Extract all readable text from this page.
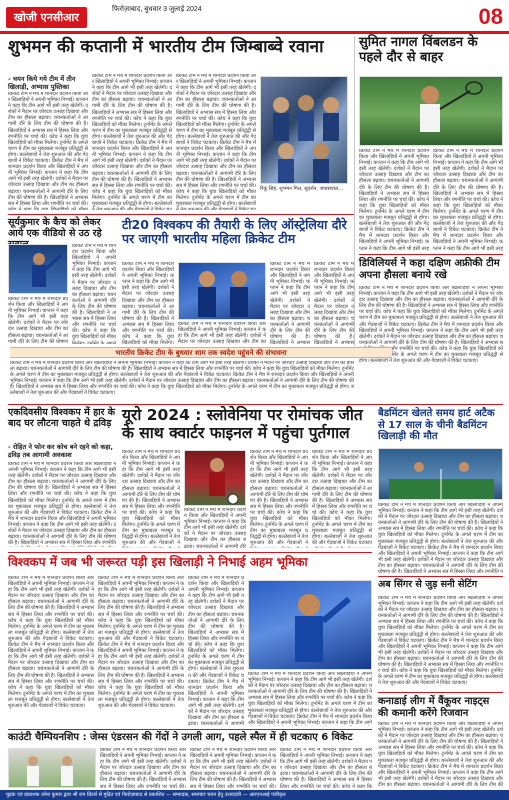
खोजी एनसीआर
फिरोज़ाबाद, बुधवार 3 जुलाई 2024	08
शुभमन की कप्तानी में भारतीय टीम जिम्बाब्वे रवाना
- चयन किये गये टीम में तीन खिलाड़ी, अभ्यास पुस्तिका
क्रिकेट टीम ने मैच में शानदार प्रदर्शन किया और खिलाड़ियों ने अपनी भूमिका निभाई। कप्तान ने कहा कि टीम आगे भी इसी तरह खेलेगी। दर्शकों ने मैदान पर जोरदार उत्साह दिखाया और टीम का हौसला बढ़ाया। चयनकर्ताओं ने आगामी दौरे के लिए टीम की घोषणा की है। खिलाड़ियों ने अभ्यास सत्र में हिस्सा लिया और रणनीति पर चर्चा की। कोच ने कहा कि युवा खिलाड़ियों को मौका मिलेगा। टूर्नामेंट के अगले चरण में टीम का मुकाबला मजबूत प्रतिद्वंद्वी से होगा। बल्लेबाजों ने तेज शुरुआत की और गेंदबाजों ने विकेट चटकाए। क्रिकेट टीम ने मैच में शानदार प्रदर्शन किया और खिलाड़ियों ने अपनी भूमिका निभाई। कप्तान ने कहा कि टीम आगे भी इसी तरह खेलेगी। दर्शकों ने मैदान पर जोरदार उत्साह दिखाया और टीम का हौसला बढ़ाया। चयनकर्ताओं ने आगामी दौरे के लिए टीम की घोषणा की है। खिलाड़ियों ने अभ्यास सत्र में हिस्सा लिया और रणनीति पर चर्चा की। कोच ने कहा कि युवा खिलाड़ियों को मौका मिलेगा। टूर्नामेंट के अगले चरण में टीम का मुकाबला मजबूत प्रतिद्वंद्वी से होगा। बल्लेबाजों ने तेज शुरुआत की और गेंदबाजों ने विकेट चटकाए।
क्रिकेट टीम ने मैच में शानदार प्रदर्शन किया और खिलाड़ियों ने अपनी भूमिका निभाई। कप्तान ने कहा कि टीम आगे भी इसी तरह खेलेगी। दर्शकों ने मैदान पर जोरदार उत्साह दिखाया और टीम का हौसला बढ़ाया। चयनकर्ताओं ने आगामी दौरे के लिए टीम की घोषणा की है। खिलाड़ियों ने अभ्यास सत्र में हिस्सा लिया और रणनीति पर चर्चा की। कोच ने कहा कि युवा खिलाड़ियों को मौका मिलेगा। टूर्नामेंट के अगले चरण में टीम का मुकाबला मजबूत प्रतिद्वंद्वी से होगा। बल्लेबाजों ने तेज शुरुआत की और गेंदबाजों ने विकेट चटकाए। क्रिकेट टीम ने मैच में शानदार प्रदर्शन किया और खिलाड़ियों ने अपनी भूमिका निभाई। कप्तान ने कहा कि टीम आगे भी इसी तरह खेलेगी। दर्शकों ने मैदान पर जोरदार उत्साह दिखाया और टीम का हौसला बढ़ाया। चयनकर्ताओं ने आगामी दौरे के लिए टीम की घोषणा की है। खिलाड़ियों ने अभ्यास सत्र में हिस्सा लिया और रणनीति पर चर्चा की। कोच ने कहा कि युवा खिलाड़ियों को मौका मिलेगा। टूर्नामेंट के अगले चरण में टीम का मुकाबला मजबूत प्रतिद्वंद्वी से होगा। बल्लेबाजों ने तेज शुरुआत की और गेंदबाजों ने विकेट चटकाए।
क्रिकेट टीम ने मैच में शानदार प्रदर्शन किया और खिलाड़ियों ने अपनी भूमिका निभाई। कप्तान ने कहा कि टीम आगे भी इसी तरह खेलेगी। दर्शकों ने मैदान पर जोरदार उत्साह दिखाया और टीम का हौसला बढ़ाया। चयनकर्ताओं ने आगामी दौरे के लिए टीम की घोषणा की है। खिलाड़ियों ने अभ्यास सत्र में हिस्सा लिया और रणनीति पर चर्चा की। कोच ने कहा कि युवा खिलाड़ियों को मौका मिलेगा। टूर्नामेंट के अगले चरण में टीम का मुकाबला मजबूत प्रतिद्वंद्वी से होगा। बल्लेबाजों ने तेज शुरुआत की और गेंदबाजों ने विकेट चटकाए। क्रिकेट टीम ने मैच में शानदार प्रदर्शन किया और खिलाड़ियों ने अपनी भूमिका निभाई। कप्तान ने कहा कि टीम आगे भी इसी तरह खेलेगी। दर्शकों ने मैदान पर जोरदार उत्साह दिखाया और टीम का हौसला बढ़ाया। चयनकर्ताओं ने आगामी दौरे के लिए टीम की घोषणा की है। खिलाड़ियों ने अभ्यास सत्र में हिस्सा लिया और रणनीति पर चर्चा की। कोच ने कहा कि युवा खिलाड़ियों को मौका मिलेगा। टूर्नामेंट के अगले चरण में टीम का मुकाबला मजबूत प्रतिद्वंद्वी से होगा। बल्लेबाजों ने तेज शुरुआत की और गेंदबाजों ने विकेट चटकाए।
रिंकू सिंह, शुभमन गिल, सुदर्शन, जायसवाल...
सुमित नागल विंबलडन के पहले दौर से बाहर
क्रिकेट टीम ने मैच में शानदार प्रदर्शन किया और खिलाड़ियों ने अपनी भूमिका निभाई। कप्तान ने कहा कि टीम आगे भी इसी तरह खेलेगी। दर्शकों ने मैदान पर जोरदार उत्साह दिखाया और टीम का हौसला बढ़ाया। चयनकर्ताओं ने आगामी दौरे के लिए टीम की घोषणा की है। खिलाड़ियों ने अभ्यास सत्र में हिस्सा लिया और रणनीति पर चर्चा की। कोच ने कहा कि युवा खिलाड़ियों को मौका मिलेगा। टूर्नामेंट के अगले चरण में टीम का मुकाबला मजबूत प्रतिद्वंद्वी से होगा। बल्लेबाजों ने तेज शुरुआत की और गेंदबाजों ने विकेट चटकाए। क्रिकेट टीम ने मैच में शानदार प्रदर्शन किया और खिलाड़ियों ने अपनी भूमिका निभाई। कप्तान ने कहा कि टीम आगे भी इसी तरह खेलेगी। दर्शकों ने मैदान पर जोरदार उत्साह दिखाया और टीम का हौसला बढ़ाया। चयनकर्ताओं ने आगामी दौरे के लिए टीम की घोषणा की है। खिलाड़ियों ने अभ्यास सत्र में हिस्सा लिया और रणनीति पर चर्चा की। कोच ने कहा कि युवा खिलाड़ियों को मौका मिलेगा। टूर्नामेंट के अगले चरण में टीम का मुकाबला मजबूत प्रतिद्वंद्वी से होगा। बल्लेबाजों ने तेज शुरुआत की और गेंदबाजों ने विकेट चटकाए।
क्रिकेट टीम ने मैच में शानदार प्रदर्शन किया और खिलाड़ियों ने अपनी भूमिका निभाई। कप्तान ने कहा कि टीम आगे भी इसी तरह खेलेगी। दर्शकों ने मैदान पर जोरदार उत्साह दिखाया और टीम का हौसला बढ़ाया। चयनकर्ताओं ने आगामी दौरे के लिए टीम की घोषणा की है। खिलाड़ियों ने अभ्यास सत्र में हिस्सा लिया और रणनीति पर चर्चा की। कोच ने कहा कि युवा खिलाड़ियों को मौका मिलेगा। टूर्नामेंट के अगले चरण में टीम का मुकाबला मजबूत प्रतिद्वंद्वी से होगा। बल्लेबाजों ने तेज शुरुआत की और गेंदबाजों ने विकेट चटकाए। क्रिकेट टीम ने मैच में शानदार प्रदर्शन किया और खिलाड़ियों ने अपनी भूमिका निभाई। कप्तान ने कहा कि टीम आगे भी इसी तरह खेलेगी। दर्शकों ने मैदान पर जोरदार उत्साह दिखाया और टीम का हौसला बढ़ाया। चयनकर्ताओं ने आगामी दौरे के लिए टीम की घोषणा की है। खिलाड़ियों ने अभ्यास सत्र में हिस्सा लिया और रणनीति पर चर्चा की। कोच ने कहा कि युवा खिलाड़ियों को मौका मिलेगा। टूर्नामेंट के अगले चरण में टीम का मुकाबला मजबूत प्रतिद्वंद्वी से होगा। बल्लेबाजों ने तेज शुरुआत की और गेंदबाजों ने विकेट चटकाए।
सूर्यकुमार के कैच को लेकर आये एक वीडियो से उठ रहे
क्रिकेट टीम ने मैच में शानदार प्रदर्शन किया और खिलाड़ियों ने अपनी भूमिका निभाई। कप्तान ने कहा कि टीम आगे भी इसी तरह खेलेगी। दर्शकों ने मैदान पर जोरदार उत्साह दिखाया और टीम का हौसला बढ़ाया। चयनकर्ताओं ने आगामी दौरे के लिए टीम की घोषणा की है। खिलाड़ियों ने अभ्यास सत्र में हिस्सा लिया और रणनीति पर चर्चा की। कोच ने कहा कि युवा खिलाड़ियों को मौका मिलेगा। टूर्नामेंट के अगले चरण में टीम का मुकाबला मजबूत प्रतिद्वंद्वी से होगा। बल्लेबाजों ने तेज शुरुआत की और गेंदबाजों ने विकेट चटकाए। क्रिकेट टीम ने मैच में शानदार प्रदर्शन किया और खिलाड़ियों ने अपनी भूमिका निभाई। कप्तान ने कहा कि टीम आगे भी इसी तरह खेलेगी। दर्शकों ने मैदान पर जोरदार उत्साह दिखाया और टीम का हौसला बढ़ाया। चयनकर्ताओं ने आगामी दौरे के लिए टीम की घोषणा की है। खिलाड़ियों ने अभ्यास सत्र में हिस्सा लिया और रणनीति पर चर्चा की। कोच ने कहा कि युवा खिलाड़ियों को मौका मिलेगा। टूर्नामेंट के अगले चरण में टीम का मुकाबला मजबूत प्रतिद्वंद्वी से होगा। बल्लेबाजों ने तेज शुरुआत की और गेंदबाजों ने विकेट चटकाए।
क्रिकेट टीम ने मैच में शानदार प्रदर्शन किया और खिलाड़ियों ने अपनी भूमिका निभाई। कप्तान ने कहा कि टीम आगे भी इसी तरह खेलेगी। दर्शकों ने मैदान पर जोरदार उत्साह दिखाया और टीम का हौसला बढ़ाया। चयनकर्ताओं ने आगामी दौरे के लिए टीम की घोषणा की है। खिलाड़ियों ने अभ्यास सत्र में हिस्सा लिया और रणनीति पर चर्चा की। कोच ने कहा कि युवा खिलाड़ियों को मौका मिलेगा। टूर्नामेंट के अगले चरण में टीम का मुकाबला मजबूत प्रतिद्वंद्वी से होगा। बल्लेबाजों ने तेज शुरुआत की और गेंदबाजों ने विकेट चटकाए। क्रिकेट टीम ने मैच में शानदार प्रदर्शन किया और खिलाड़ियों ने अपनी भूमिका निभाई। कप्तान ने कहा कि टीम आगे भी इसी तरह खेलेगी। दर्शकों ने मैदान पर जोरदार उत्साह दिखाया और टीम का हौसला बढ़ाया। चयनकर्ताओं ने आगामी दौरे के लिए टीम की घोषणा की है। खिलाड़ियों ने अभ्यास सत्र में हिस्सा लिया और रणनीति पर चर्चा की। कोच ने कहा कि युवा खिलाड़ियों को मौका मिलेगा। टूर्नामेंट के अगले चरण में टीम का मुकाबला मजबूत प्रतिद्वंद्वी से होगा। बल्लेबाजों ने तेज शुरुआत की और गेंदबाजों ने विकेट चटकाए।
टी20 विश्वकप की तैयारी के लिए ऑस्ट्रेलिया दौरे पर जाएगी भारतीय महिला क्रिकेट टीम
क्रिकेट टीम ने मैच में शानदार प्रदर्शन किया और खिलाड़ियों ने अपनी भूमिका निभाई। कप्तान ने कहा कि टीम आगे भी इसी तरह खेलेगी। दर्शकों ने मैदान पर जोरदार उत्साह दिखाया और टीम का हौसला बढ़ाया। चयनकर्ताओं ने आगामी दौरे के लिए टीम की घोषणा की है। खिलाड़ियों ने अभ्यास सत्र में हिस्सा लिया और रणनीति पर चर्चा की। कोच ने कहा कि युवा खिलाड़ियों को मौका मिलेगा। टूर्नामेंट के अगले चरण में टीम का मुकाबला मजबूत प्रतिद्वंद्वी से होगा। बल्लेबाजों ने तेज शुरुआत की और गेंदबाजों ने विकेट चटकाए। क्रिकेट टीम ने मैच में शानदार प्रदर्शन किया और खिलाड़ियों ने अपनी भूमिका निभाई। कप्तान ने कहा कि टीम आगे भी इसी तरह खेलेगी। दर्शकों ने मैदान पर जोरदार उत्साह दिखाया और टीम का हौसला बढ़ाया। चयनकर्ताओं ने आगामी दौरे के लिए टीम की घोषणा की है। खिलाड़ियों ने अभ्यास सत्र में हिस्सा लिया और रणनीति पर चर्चा की। कोच ने कहा कि युवा खिलाड़ियों को मौका मिलेगा। टूर्नामेंट के अगले चरण में टीम का मुकाबला मजबूत प्रतिद्वंद्वी से होगा। बल्लेबाजों ने तेज शुरुआत की और गेंदबाजों ने विकेट चटकाए।
क्रिकेट टीम ने मैच में शानदार प्रदर्शन किया और खिलाड़ियों ने अपनी भूमिका निभाई। कप्तान ने कहा कि टीम आगे भी इसी तरह खेलेगी। दर्शकों ने मैदान पर जोरदार उत्साह दिखाया और टीम का हौसला बढ़ाया। चयनकर्ताओं ने आगामी दौरे के लिए टीम की घोषणा की है। खिलाड़ियों ने अभ्यास सत्र में हिस्सा लिया और रणनीति पर चर्चा की। कोच ने कहा कि युवा खिलाड़ियों को मौका मिलेगा। टूर्नामेंट के अगले चरण में टीम का मुकाबला मजबूत प्रतिद्वंद्वी से होगा। बल्लेबाजों ने तेज शुरुआत की और गेंदबाजों ने विकेट चटकाए। क्रिकेट टीम ने मैच में शानदार प्रदर्शन किया और खिलाड़ियों ने अपनी भूमिका निभाई। कप्तान ने कहा कि टीम आगे भी इसी तरह खेलेगी। दर्शकों ने मैदान पर जोरदार उत्साह दिखाया और टीम का हौसला बढ़ाया। चयनकर्ताओं ने आगामी दौरे के लिए टीम की घोषणा की है। खिलाड़ियों ने अभ्यास सत्र में हिस्सा लिया और रणनीति पर चर्चा की। कोच ने कहा कि युवा खिलाड़ियों को मौका मिलेगा। टूर्नामेंट के अगले चरण में टीम का मुकाबला मजबूत प्रतिद्वंद्वी से होगा। बल्लेबाजों ने तेज शुरुआत की और गेंदबाजों ने विकेट चटकाए।
क्रिकेट टीम ने मैच में शानदार प्रदर्शन किया और खिलाड़ियों ने अपनी भूमिका निभाई। कप्तान ने कहा कि टीम आगे भी इसी तरह खेलेगी। दर्शकों ने मैदान पर जोरदार उत्साह दिखाया और टीम का हौसला बढ़ाया। चयनकर्ताओं ने आगामी दौरे के लिए टीम की घोषणा की है। खिलाड़ियों ने अभ्यास सत्र में हिस्सा लिया और रणनीति पर चर्चा की। कोच ने कहा कि युवा खिलाड़ियों को मौका मिलेगा। टूर्नामेंट के अगले चरण में टीम का मुकाबला मजबूत प्रतिद्वंद्वी से होगा। बल्लेबाजों ने तेज शुरुआत की और गेंदबाजों ने विकेट चटकाए। क्रिकेट टीम ने मैच में शानदार प्रदर्शन किया और खिलाड़ियों ने अपनी भूमिका निभाई। कप्तान ने कहा कि टीम आगे भी इसी तरह खेलेगी। दर्शकों ने मैदान पर जोरदार उत्साह दिखाया और टीम का हौसला बढ़ाया। चयनकर्ताओं ने आगामी दौरे के लिए टीम की घोषणा की है। खिलाड़ियों ने अभ्यास सत्र में हिस्सा लिया और रणनीति पर चर्चा की। कोच ने कहा कि युवा खिलाड़ियों को मौका मिलेगा। टूर्नामेंट के अगले चरण में टीम का मुकाबला मजबूत प्रतिद्वंद्वी से होगा। बल्लेबाजों ने तेज शुरुआत की और गेंदबाजों ने विकेट चटकाए।
क्रिकेट टीम ने मैच में शानदार प्रदर्शन किया और खिलाड़ियों ने अपनी भूमिका निभाई। कप्तान ने कहा कि टीम आगे भी इसी तरह खेलेगी। दर्शकों ने मैदान पर जोरदार उत्साह दिखाया और टीम का हौसला बढ़ाया। चयनकर्ताओं ने आगामी दौरे के लिए टीम की घोषणा की है। खिलाड़ियों ने अभ्यास सत्र में हिस्सा लिया और रणनीति पर चर्चा की। कोच ने कहा कि युवा खिलाड़ियों को मौका मिलेगा। टूर्नामेंट के अगले चरण में टीम का मुकाबला मजबूत प्रतिद्वंद्वी से होगा। बल्लेबाजों ने तेज शुरुआत की और गेंदबाजों ने विकेट चटकाए। क्रिकेट टीम ने मैच में शानदार प्रदर्शन किया और खिलाड़ियों ने अपनी भूमिका निभाई। कप्तान ने कहा कि टीम आगे भी इसी तरह खेलेगी। दर्शकों ने मैदान पर जोरदार उत्साह दिखाया और टीम का हौसला बढ़ाया। चयनकर्ताओं ने आगामी दौरे के लिए टीम की घोषणा की है। खिलाड़ियों ने अभ्यास सत्र में हिस्सा लिया और रणनीति पर चर्चा की। कोच ने कहा कि युवा खिलाड़ियों को मौका मिलेगा। टूर्नामेंट के अगले चरण में टीम का मुकाबला मजबूत प्रतिद्वंद्वी से होगा। बल्लेबाजों ने तेज शुरुआत की और गेंदबाजों ने विकेट चटकाए।
डिविलियर्स ने कहा दक्षिण अफ्रीकी टीम अपना हौसला बनाये रखे
क्रिकेट टीम ने मैच में शानदार प्रदर्शन किया और खिलाड़ियों ने अपनी भूमिका निभाई। कप्तान ने कहा कि टीम आगे भी इसी तरह खेलेगी। दर्शकों ने मैदान पर जोरदार उत्साह दिखाया और टीम का हौसला बढ़ाया। चयनकर्ताओं ने आगामी दौरे के लिए टीम की घोषणा की है। खिलाड़ियों ने अभ्यास सत्र में हिस्सा लिया और रणनीति पर चर्चा की। कोच ने कहा कि युवा खिलाड़ियों को मौका मिलेगा। टूर्नामेंट के अगले चरण में टीम का मुकाबला मजबूत प्रतिद्वंद्वी से होगा। बल्लेबाजों ने तेज शुरुआत की और गेंदबाजों ने विकेट चटकाए। क्रिकेट टीम ने मैच में शानदार प्रदर्शन किया और खिलाड़ियों ने अपनी भूमिका निभाई। कप्तान ने कहा कि टीम आगे भी इसी तरह खेलेगी। दर्शकों ने मैदान पर जोरदार उत्साह दिखाया और टीम का हौसला बढ़ाया। चयनकर्ताओं ने आगामी दौरे के लिए टीम की घोषणा की है। खिलाड़ियों ने अभ्यास सत्र में हिस्सा लिया और रणनीति पर चर्चा की। कोच ने कहा कि युवा खिलाड़ियों को मौका मिलेगा। टूर्नामेंट के अगले चरण में टीम का मुकाबला मजबूत प्रतिद्वंद्वी से होगा। बल्लेबाजों ने तेज शुरुआत की और गेंदबाजों ने विकेट चटकाए।
भारतीय क्रिकेट टीम के बुधवार शाम तक स्वदेश पहुंचने की संभावना
क्रिकेट टीम ने मैच में शानदार प्रदर्शन किया और खिलाड़ियों ने अपनी भूमिका निभाई। कप्तान ने कहा कि टीम आगे भी इसी तरह खेलेगी। दर्शकों ने मैदान पर जोरदार उत्साह दिखाया और टीम का हौसला बढ़ाया। चयनकर्ताओं ने आगामी दौरे के लिए टीम की घोषणा की है। खिलाड़ियों ने अभ्यास सत्र में हिस्सा लिया और रणनीति पर चर्चा की। कोच ने कहा कि युवा खिलाड़ियों को मौका मिलेगा। टूर्नामेंट के अगले चरण में टीम का मुकाबला मजबूत प्रतिद्वंद्वी से होगा। बल्लेबाजों ने तेज शुरुआत की और गेंदबाजों ने विकेट चटकाए। क्रिकेट टीम ने मैच में शानदार प्रदर्शन किया और खिलाड़ियों ने अपनी भूमिका निभाई। कप्तान ने कहा कि टीम आगे भी इसी तरह खेलेगी। दर्शकों ने मैदान पर जोरदार उत्साह दिखाया और टीम का हौसला बढ़ाया। चयनकर्ताओं ने आगामी दौरे के लिए टीम की घोषणा की है। खिलाड़ियों ने अभ्यास सत्र में हिस्सा लिया और रणनीति पर चर्चा की। कोच ने कहा कि युवा खिलाड़ियों को मौका मिलेगा। टूर्नामेंट के अगले चरण में टीम का मुकाबला मजबूत प्रतिद्वंद्वी से होगा। बल्लेबाजों ने तेज शुरुआत की और गेंदबाजों ने विकेट चटकाए।
एकदिवसीय विश्वकप में हार के बाद घर लौटना चाहते थे द्रविड़
- रोहित ने फोन कर कोच बने रहने को कहा, द्रविड़ तब आगामी अवकाश
क्रिकेट टीम ने मैच में शानदार प्रदर्शन किया और खिलाड़ियों ने अपनी भूमिका निभाई। कप्तान ने कहा कि टीम आगे भी इसी तरह खेलेगी। दर्शकों ने मैदान पर जोरदार उत्साह दिखाया और टीम का हौसला बढ़ाया। चयनकर्ताओं ने आगामी दौरे के लिए टीम की घोषणा की है। खिलाड़ियों ने अभ्यास सत्र में हिस्सा लिया और रणनीति पर चर्चा की। कोच ने कहा कि युवा खिलाड़ियों को मौका मिलेगा। टूर्नामेंट के अगले चरण में टीम का मुकाबला मजबूत प्रतिद्वंद्वी से होगा। बल्लेबाजों ने तेज शुरुआत की और गेंदबाजों ने विकेट चटकाए। क्रिकेट टीम ने मैच में शानदार प्रदर्शन किया और खिलाड़ियों ने अपनी भूमिका निभाई। कप्तान ने कहा कि टीम आगे भी इसी तरह खेलेगी। दर्शकों ने मैदान पर जोरदार उत्साह दिखाया और टीम का हौसला बढ़ाया। चयनकर्ताओं ने आगामी दौरे के लिए टीम की घोषणा की है। खिलाड़ियों ने अभ्यास सत्र में हिस्सा लिया और रणनीति पर चर्चा की। कोच ने कहा कि युवा खिलाड़ियों को मौका मिलेगा। टूर्नामेंट के अगले चरण में टीम का मुकाबला मजबूत प्रतिद्वंद्वी से होगा। बल्लेबाजों ने तेज शुरुआत की और गेंदबाजों ने विकेट चटकाए।
यूरो 2024 : स्लोवेनिया पर रोमांचक जीत के साथ क्वार्टर फाइनल में पहुंचा पुर्तगाल
क्रिकेट टीम ने मैच में शानदार प्रदर्शन किया और खिलाड़ियों ने अपनी भूमिका निभाई। कप्तान ने कहा कि टीम आगे भी इसी तरह खेलेगी। दर्शकों ने मैदान पर जोरदार उत्साह दिखाया और टीम का हौसला बढ़ाया। चयनकर्ताओं ने आगामी दौरे के लिए टीम की घोषणा की है। खिलाड़ियों ने अभ्यास सत्र में हिस्सा लिया और रणनीति पर चर्चा की। कोच ने कहा कि युवा खिलाड़ियों को मौका मिलेगा। टूर्नामेंट के अगले चरण में टीम का मुकाबला मजबूत प्रतिद्वंद्वी से होगा। बल्लेबाजों ने तेज शुरुआत की और गेंदबाजों ने विकेट चटकाए। क्रिकेट टीम ने मैच में शानदार प्रदर्शन किया और खिलाड़ियों ने अपनी भूमिका निभाई। कप्तान ने कहा कि टीम आगे भी इसी तरह खेलेगी। दर्शकों ने मैदान पर जोरदार उत्साह दिखाया और टीम का हौसला बढ़ाया। चयनकर्ताओं ने आगामी दौरे के लिए टीम की घोषणा की है। खिलाड़ियों ने अभ्यास सत्र में हिस्सा लिया और रणनीति पर चर्चा की। कोच ने कहा कि युवा खिलाड़ियों को मौका मिलेगा। टूर्नामेंट के अगले चरण में टीम का मुकाबला मजबूत प्रतिद्वंद्वी से होगा। बल्लेबाजों ने तेज शुरुआत की और गेंदबाजों ने विकेट चटकाए।
क्रिकेट टीम ने मैच में शानदार प्रदर्शन किया और खिलाड़ियों ने अपनी भूमिका निभाई। कप्तान ने कहा कि टीम आगे भी इसी तरह खेलेगी। दर्शकों ने मैदान पर जोरदार उत्साह दिखाया और टीम का हौसला बढ़ाया। चयनकर्ताओं ने आगामी दौरे के लिए टीम की घोषणा की है। खिलाड़ियों ने अभ्यास सत्र में हिस्सा लिया और रणनीति पर चर्चा की। कोच ने कहा कि युवा खिलाड़ियों को मौका मिलेगा। टूर्नामेंट के अगले चरण में टीम का मुकाबला मजबूत प्रतिद्वंद्वी से होगा। बल्लेबाजों ने तेज शुरुआत की और गेंदबाजों ने विकेट चटकाए। क्रिकेट टीम ने मैच में शानदार प्रदर्शन किया और खिलाड़ियों ने अपनी भूमिका निभाई। कप्तान ने कहा कि टीम आगे भी इसी तरह खेलेगी। दर्शकों ने मैदान पर जोरदार उत्साह दिखाया और टीम का हौसला बढ़ाया। चयनकर्ताओं ने आगामी दौरे के लिए टीम की घोषणा की है। खिलाड़ियों ने अभ्यास सत्र में हिस्सा लिया और रणनीति पर चर्चा की। कोच ने कहा कि युवा खिलाड़ियों को मौका मिलेगा। टूर्नामेंट के अगले चरण में टीम का मुकाबला मजबूत प्रतिद्वंद्वी से होगा। बल्लेबाजों ने तेज शुरुआत की और गेंदबाजों ने विकेट चटकाए।
क्रिकेट टीम ने मैच में शानदार प्रदर्शन किया और खिलाड़ियों ने अपनी भूमिका निभाई। कप्तान ने कहा कि टीम आगे भी इसी तरह खेलेगी। दर्शकों ने मैदान पर जोरदार उत्साह दिखाया और टीम का हौसला बढ़ाया। चयनकर्ताओं ने आगामी दौरे के लिए टीम की घोषणा की है। खिलाड़ियों ने अभ्यास सत्र में हिस्सा लिया और रणनीति पर चर्चा की। कोच ने कहा कि युवा खिलाड़ियों को मौका मिलेगा। टूर्नामेंट के अगले चरण में टीम का मुकाबला मजबूत प्रतिद्वंद्वी से होगा। बल्लेबाजों ने तेज शुरुआत की और गेंदबाजों ने विकेट चटकाए। क्रिकेट टीम ने मैच में शानदार प्रदर्शन किया और खिलाड़ियों ने अपनी भूमिका निभाई। कप्तान ने कहा कि टीम आगे भी इसी तरह खेलेगी। दर्शकों ने मैदान पर जोरदार उत्साह दिखाया और टीम का हौसला बढ़ाया। चयनकर्ताओं ने आगामी दौरे के लिए टीम की घोषणा की है। खिलाड़ियों ने अभ्यास सत्र में हिस्सा लिया और रणनीति पर चर्चा की। कोच ने कहा कि युवा खिलाड़ियों को मौका मिलेगा। टूर्नामेंट के अगले चरण में टीम का मुकाबला मजबूत प्रतिद्वंद्वी से होगा। बल्लेबाजों ने तेज शुरुआत की और गेंदबाजों ने विकेट चटकाए।
क्रिकेट टीम ने मैच में शानदार प्रदर्शन किया और खिलाड़ियों ने अपनी भूमिका निभाई। कप्तान ने कहा कि टीम आगे भी इसी तरह खेलेगी। दर्शकों ने मैदान पर जोरदार उत्साह दिखाया और टीम का हौसला बढ़ाया। चयनकर्ताओं ने आगामी दौरे के लिए टीम की घोषणा की है। खिलाड़ियों ने अभ्यास सत्र में हिस्सा लिया और रणनीति पर चर्चा की। कोच ने कहा कि युवा खिलाड़ियों को मौका मिलेगा। टूर्नामेंट के अगले चरण में टीम का मुकाबला मजबूत प्रतिद्वंद्वी से होगा। बल्लेबाजों ने तेज शुरुआत की और गेंदबाजों ने विकेट चटकाए। क्रिकेट टीम ने मैच में शानदार प्रदर्शन किया और खिलाड़ियों ने अपनी भूमिका निभाई। कप्तान ने कहा कि टीम आगे भी इसी तरह खेलेगी। दर्शकों ने मैदान पर जोरदार उत्साह दिखाया और टीम का हौसला बढ़ाया। चयनकर्ताओं ने आगामी दौरे के लिए टीम की घोषणा की है। खिलाड़ियों ने अभ्यास सत्र में हिस्सा लिया और रणनीति पर चर्चा की। कोच ने कहा कि युवा खिलाड़ियों को मौका मिलेगा। टूर्नामेंट के अगले चरण में टीम का मुकाबला मजबूत प्रतिद्वंद्वी से होगा। बल्लेबाजों ने तेज शुरुआत की और गेंदबाजों ने विकेट चटकाए।
बैडमिंटन खेलते समय हार्ट अटैक से 17 साल के चीनी बैडमिंटन खिलाड़ी की मौत
क्रिकेट टीम ने मैच में शानदार प्रदर्शन किया और खिलाड़ियों ने अपनी भूमिका निभाई। कप्तान ने कहा कि टीम आगे भी इसी तरह खेलेगी। दर्शकों ने मैदान पर जोरदार उत्साह दिखाया और टीम का हौसला बढ़ाया। चयनकर्ताओं ने आगामी दौरे के लिए टीम की घोषणा की है। खिलाड़ियों ने अभ्यास सत्र में हिस्सा लिया और रणनीति पर चर्चा की। कोच ने कहा कि युवा खिलाड़ियों को मौका मिलेगा। टूर्नामेंट के अगले चरण में टीम का मुकाबला मजबूत प्रतिद्वंद्वी से होगा। बल्लेबाजों ने तेज शुरुआत की और गेंदबाजों ने विकेट चटकाए। क्रिकेट टीम ने मैच में शानदार प्रदर्शन किया और खिलाड़ियों ने अपनी भूमिका निभाई। कप्तान ने कहा कि टीम आगे भी इसी तरह खेलेगी। दर्शकों ने मैदान पर जोरदार उत्साह दिखाया और टीम का हौसला बढ़ाया। चयनकर्ताओं ने आगामी दौरे के लिए टीम की घोषणा की है। खिलाड़ियों ने अभ्यास सत्र में हिस्सा लिया और रणनीति पर चर्चा की। कोच ने कहा कि युवा खिलाड़ियों को मौका मिलेगा। टूर्नामेंट के अगले चरण में टीम का मुकाबला मजबूत प्रतिद्वंद्वी से होगा। बल्लेबाजों ने तेज शुरुआत की और गेंदबाजों ने विकेट चटकाए।
विश्वकप में जब भी जरूरत पड़ी इस खिलाड़ी ने निभाई अहम भूमिका
क्रिकेट टीम ने मैच में शानदार प्रदर्शन किया और खिलाड़ियों ने अपनी भूमिका निभाई। कप्तान ने कहा कि टीम आगे भी इसी तरह खेलेगी। दर्शकों ने मैदान पर जोरदार उत्साह दिखाया और टीम का हौसला बढ़ाया। चयनकर्ताओं ने आगामी दौरे के लिए टीम की घोषणा की है। खिलाड़ियों ने अभ्यास सत्र में हिस्सा लिया और रणनीति पर चर्चा की। कोच ने कहा कि युवा खिलाड़ियों को मौका मिलेगा। टूर्नामेंट के अगले चरण में टीम का मुकाबला मजबूत प्रतिद्वंद्वी से होगा। बल्लेबाजों ने तेज शुरुआत की और गेंदबाजों ने विकेट चटकाए। क्रिकेट टीम ने मैच में शानदार प्रदर्शन किया और खिलाड़ियों ने अपनी भूमिका निभाई। कप्तान ने कहा कि टीम आगे भी इसी तरह खेलेगी। दर्शकों ने मैदान पर जोरदार उत्साह दिखाया और टीम का हौसला बढ़ाया। चयनकर्ताओं ने आगामी दौरे के लिए टीम की घोषणा की है। खिलाड़ियों ने अभ्यास सत्र में हिस्सा लिया और रणनीति पर चर्चा की। कोच ने कहा कि युवा खिलाड़ियों को मौका मिलेगा। टूर्नामेंट के अगले चरण में टीम का मुकाबला मजबूत प्रतिद्वंद्वी से होगा। बल्लेबाजों ने तेज शुरुआत की और गेंदबाजों ने विकेट चटकाए।
क्रिकेट टीम ने मैच में शानदार प्रदर्शन किया और खिलाड़ियों ने अपनी भूमिका निभाई। कप्तान ने कहा कि टीम आगे भी इसी तरह खेलेगी। दर्शकों ने मैदान पर जोरदार उत्साह दिखाया और टीम का हौसला बढ़ाया। चयनकर्ताओं ने आगामी दौरे के लिए टीम की घोषणा की है। खिलाड़ियों ने अभ्यास सत्र में हिस्सा लिया और रणनीति पर चर्चा की। कोच ने कहा कि युवा खिलाड़ियों को मौका मिलेगा। टूर्नामेंट के अगले चरण में टीम का मुकाबला मजबूत प्रतिद्वंद्वी से होगा। बल्लेबाजों ने तेज शुरुआत की और गेंदबाजों ने विकेट चटकाए। क्रिकेट टीम ने मैच में शानदार प्रदर्शन किया और खिलाड़ियों ने अपनी भूमिका निभाई। कप्तान ने कहा कि टीम आगे भी इसी तरह खेलेगी। दर्शकों ने मैदान पर जोरदार उत्साह दिखाया और टीम का हौसला बढ़ाया। चयनकर्ताओं ने आगामी दौरे के लिए टीम की घोषणा की है। खिलाड़ियों ने अभ्यास सत्र में हिस्सा लिया और रणनीति पर चर्चा की। कोच ने कहा कि युवा खिलाड़ियों को मौका मिलेगा। टूर्नामेंट के अगले चरण में टीम का मुकाबला मजबूत प्रतिद्वंद्वी से होगा। बल्लेबाजों ने तेज शुरुआत की और गेंदबाजों ने विकेट चटकाए।
क्रिकेट टीम ने मैच में शानदार प्रदर्शन किया और खिलाड़ियों ने अपनी भूमिका निभाई। कप्तान ने कहा कि टीम आगे भी इसी तरह खेलेगी। दर्शकों ने मैदान पर जोरदार उत्साह दिखाया और टीम का हौसला बढ़ाया। चयनकर्ताओं ने आगामी दौरे के लिए टीम की घोषणा की है। खिलाड़ियों ने अभ्यास सत्र में हिस्सा लिया और रणनीति पर चर्चा की। कोच ने कहा कि युवा खिलाड़ियों को मौका मिलेगा। टूर्नामेंट के अगले चरण में टीम का मुकाबला मजबूत प्रतिद्वंद्वी से होगा। बल्लेबाजों ने तेज शुरुआत की और गेंदबाजों ने विकेट चटकाए। क्रिकेट टीम ने मैच में शानदार प्रदर्शन किया और खिलाड़ियों ने अपनी भूमिका निभाई। कप्तान ने कहा कि टीम आगे भी इसी तरह खेलेगी। दर्शकों ने मैदान पर जोरदार उत्साह दिखाया और टीम का हौसला बढ़ाया। चयनकर्ताओं ने आगामी दौरे के लिए टीम की घोषणा की है। खिलाड़ियों ने अभ्यास सत्र में हिस्सा लिया और रणनीति पर चर्चा की। कोच ने कहा कि युवा खिलाड़ियों को मौका मिलेगा। टूर्नामेंट के अगले चरण में टीम का मुकाबला मजबूत प्रतिद्वंद्वी से होगा। बल्लेबाजों ने तेज शुरुआत की और गेंदबाजों ने विकेट चटकाए।
क्रिकेट टीम ने मैच में शानदार प्रदर्शन किया और खिलाड़ियों ने अपनी भूमिका निभाई। कप्तान ने कहा कि टीम आगे भी इसी तरह खेलेगी। दर्शकों ने मैदान पर जोरदार उत्साह दिखाया और टीम का हौसला बढ़ाया। चयनकर्ताओं ने आगामी दौरे के लिए टीम की घोषणा की है। खिलाड़ियों ने अभ्यास सत्र में हिस्सा लिया और रणनीति पर चर्चा की। कोच ने कहा कि युवा खिलाड़ियों को मौका मिलेगा। टूर्नामेंट के अगले चरण में टीम का मुकाबला मजबूत प्रतिद्वंद्वी से होगा। बल्लेबाजों ने तेज शुरुआत की और गेंदबाजों ने विकेट चटकाए। क्रिकेट टीम ने मैच में शानदार प्रदर्शन किया और खिलाड़ियों ने अपनी भूमिका निभाई। कप्तान ने कहा कि टीम आगे भी इसी तरह खेलेगी। दर्शकों ने मैदान पर जोरदार उत्साह दिखाया और टीम का हौसला बढ़ाया। चयनकर्ताओं ने आगामी दौरे के लिए टीम की घोषणा की है। खिलाड़ियों ने अभ्यास सत्र में हिस्सा लिया और रणनीति पर चर्चा की। कोच ने कहा कि युवा खिलाड़ियों को मौका मिलेगा। टूर्नामेंट के अगले चरण में टीम का मुकाबला मजबूत प्रतिद्वंद्वी से होगा। बल्लेबाजों ने तेज शुरुआत की और गेंदबाजों ने विकेट चटकाए।
अब सिंगर से जुड़ सनी सेटिंग
क्रिकेट टीम ने मैच में शानदार प्रदर्शन किया और खिलाड़ियों ने अपनी भूमिका निभाई। कप्तान ने कहा कि टीम आगे भी इसी तरह खेलेगी। दर्शकों ने मैदान पर जोरदार उत्साह दिखाया और टीम का हौसला बढ़ाया। चयनकर्ताओं ने आगामी दौरे के लिए टीम की घोषणा की है। खिलाड़ियों ने अभ्यास सत्र में हिस्सा लिया और रणनीति पर चर्चा की। कोच ने कहा कि युवा खिलाड़ियों को मौका मिलेगा। टूर्नामेंट के अगले चरण में टीम का मुकाबला मजबूत प्रतिद्वंद्वी से होगा। बल्लेबाजों ने तेज शुरुआत की और गेंदबाजों ने विकेट चटकाए। क्रिकेट टीम ने मैच में शानदार प्रदर्शन किया और खिलाड़ियों ने अपनी भूमिका निभाई। कप्तान ने कहा कि टीम आगे भी इसी तरह खेलेगी। दर्शकों ने मैदान पर जोरदार उत्साह दिखाया और टीम का हौसला बढ़ाया। चयनकर्ताओं ने आगामी दौरे के लिए टीम की घोषणा की है। खिलाड़ियों ने अभ्यास सत्र में हिस्सा लिया और रणनीति पर चर्चा की। कोच ने कहा कि युवा खिलाड़ियों को मौका मिलेगा। टूर्नामेंट के अगले चरण में टीम का मुकाबला मजबूत प्रतिद्वंद्वी से होगा। बल्लेबाजों ने तेज शुरुआत की और गेंदबाजों ने विकेट चटकाए।
कनाडाई लीग में वैंकूवर नाइट्स की कमानी करेंगे रिजवान
क्रिकेट टीम ने मैच में शानदार प्रदर्शन किया और खिलाड़ियों ने अपनी भूमिका निभाई। कप्तान ने कहा कि टीम आगे भी इसी तरह खेलेगी। दर्शकों ने मैदान पर जोरदार उत्साह दिखाया और टीम का हौसला बढ़ाया। चयनकर्ताओं ने आगामी दौरे के लिए टीम की घोषणा की है। खिलाड़ियों ने अभ्यास सत्र में हिस्सा लिया और रणनीति पर चर्चा की। कोच ने कहा कि युवा खिलाड़ियों को मौका मिलेगा। टूर्नामेंट के अगले चरण में टीम का मुकाबला मजबूत प्रतिद्वंद्वी से होगा। बल्लेबाजों ने तेज शुरुआत की और गेंदबाजों ने विकेट चटकाए। क्रिकेट टीम ने मैच में शानदार प्रदर्शन किया और खिलाड़ियों ने अपनी भूमिका निभाई। कप्तान ने कहा कि टीम आगे भी इसी तरह खेलेगी। दर्शकों ने मैदान पर जोरदार उत्साह दिखाया और टीम का हौसला बढ़ाया। चयनकर्ताओं ने आगामी दौरे के लिए टीम की घोषणा की है। खिलाड़ियों ने अभ्यास सत्र में हिस्सा लिया और रणनीति पर चर्चा की। कोच ने कहा कि युवा खिलाड़ियों को मौका मिलेगा। टूर्नामेंट के अगले चरण में टीम का मुकाबला मजबूत प्रतिद्वंद्वी से होगा। बल्लेबाजों ने तेज शुरुआत की और गेंदबाजों ने विकेट चटकाए।
काउंटी चैम्पियनशिप : जेम्स एंडरसन की गेंदों ने उगली आग, पहले स्पैल में ही चटकाए 6 विकेट
क्रिकेट टीम ने मैच में शानदार प्रदर्शन किया और खिलाड़ियों ने अपनी भूमिका निभाई। कप्तान ने कहा कि टीम आगे भी इसी तरह खेलेगी। दर्शकों ने मैदान पर जोरदार उत्साह दिखाया और टीम का हौसला बढ़ाया। चयनकर्ताओं ने आगामी दौरे के लिए टीम की घोषणा की है। खिलाड़ियों ने अभ्यास सत्र में हिस्सा लिया और रणनीति पर चर्चा की। कोच ने कहा कि युवा खिलाड़ियों को मौका मिलेगा। टूर्नामेंट के अगले चरण में टीम का मुकाबला मजबूत प्रतिद्वंद्वी से होगा। बल्लेबाजों ने तेज शुरुआत की और गेंदबाजों ने विकेट चटकाए। क्रिकेट टीम ने मैच में शानदार प्रदर्शन किया और खिलाड़ियों ने अपनी भूमिका निभाई। कप्तान ने कहा कि टीम आगे भी इसी तरह खेलेगी। दर्शकों ने मैदान पर जोरदार उत्साह दिखाया और टीम का हौसला बढ़ाया। चयनकर्ताओं ने आगामी दौरे के लिए टीम की घोषणा की है। खिलाड़ियों ने अभ्यास सत्र में हिस्सा लिया और रणनीति पर चर्चा की। कोच ने कहा कि युवा खिलाड़ियों को मौका मिलेगा। टूर्नामेंट के अगले चरण में टीम का मुकाबला मजबूत प्रतिद्वंद्वी से होगा। बल्लेबाजों ने तेज शुरुआत की और गेंदबाजों ने विकेट चटकाए।
क्रिकेट टीम ने मैच में शानदार प्रदर्शन किया और खिलाड़ियों ने अपनी भूमिका निभाई। कप्तान ने कहा कि टीम आगे भी इसी तरह खेलेगी। दर्शकों ने मैदान पर जोरदार उत्साह दिखाया और टीम का हौसला बढ़ाया। चयनकर्ताओं ने आगामी दौरे के लिए टीम की घोषणा की है। खिलाड़ियों ने अभ्यास सत्र में हिस्सा लिया और रणनीति पर चर्चा की। कोच ने कहा कि युवा खिलाड़ियों को मौका मिलेगा। टूर्नामेंट के अगले चरण में टीम का मुकाबला मजबूत प्रतिद्वंद्वी से होगा। बल्लेबाजों ने तेज शुरुआत की और गेंदबाजों ने विकेट चटकाए। क्रिकेट टीम ने मैच में शानदार प्रदर्शन किया और खिलाड़ियों ने अपनी भूमिका निभाई। कप्तान ने कहा कि टीम आगे भी इसी तरह खेलेगी। दर्शकों ने मैदान पर जोरदार उत्साह दिखाया और टीम का हौसला बढ़ाया। चयनकर्ताओं ने आगामी दौरे के लिए टीम की घोषणा की है। खिलाड़ियों ने अभ्यास सत्र में हिस्सा लिया और रणनीति पर चर्चा की। कोच ने कहा कि युवा खिलाड़ियों को मौका मिलेगा। टूर्नामेंट के अगले चरण में टीम का मुकाबला मजबूत प्रतिद्वंद्वी से होगा। बल्लेबाजों ने तेज शुरुआत की और गेंदबाजों ने विकेट चटकाए।
क्रिकेट टीम ने मैच में शानदार प्रदर्शन किया और खिलाड़ियों ने अपनी भूमिका निभाई। कप्तान ने कहा कि टीम आगे भी इसी तरह खेलेगी। दर्शकों ने मैदान पर जोरदार उत्साह दिखाया और टीम का हौसला बढ़ाया। चयनकर्ताओं ने आगामी दौरे के लिए टीम की घोषणा की है। खिलाड़ियों ने अभ्यास सत्र में हिस्सा लिया और रणनीति पर चर्चा की। कोच ने कहा कि युवा खिलाड़ियों को मौका मिलेगा। टूर्नामेंट के अगले चरण में टीम का मुकाबला मजबूत प्रतिद्वंद्वी से होगा। बल्लेबाजों ने तेज शुरुआत की और गेंदबाजों ने विकेट चटकाए। क्रिकेट टीम ने मैच में शानदार प्रदर्शन किया और खिलाड़ियों ने अपनी भूमिका निभाई। कप्तान ने कहा कि टीम आगे भी इसी तरह खेलेगी। दर्शकों ने मैदान पर जोरदार उत्साह दिखाया और टीम का हौसला बढ़ाया। चयनकर्ताओं ने आगामी दौरे के लिए टीम की घोषणा की है। खिलाड़ियों ने अभ्यास सत्र में हिस्सा लिया और रणनीति पर चर्चा की। कोच ने कहा कि युवा खिलाड़ियों को मौका मिलेगा। टूर्नामेंट के अगले चरण में टीम का मुकाबला मजबूत प्रतिद्वंद्वी से होगा। बल्लेबाजों ने तेज शुरुआत की और गेंदबाजों ने विकेट चटकाए।
मुद्रक एवं प्रकाशक उमेश कुमार द्वारा श्री राम प्रिंटर्स से मुद्रित एवं फिरोज़ाबाद से प्रकाशित — सम्पादक, समाचार चयन हेतु उत्तरदायी — आरएनआई पंजीकृत
